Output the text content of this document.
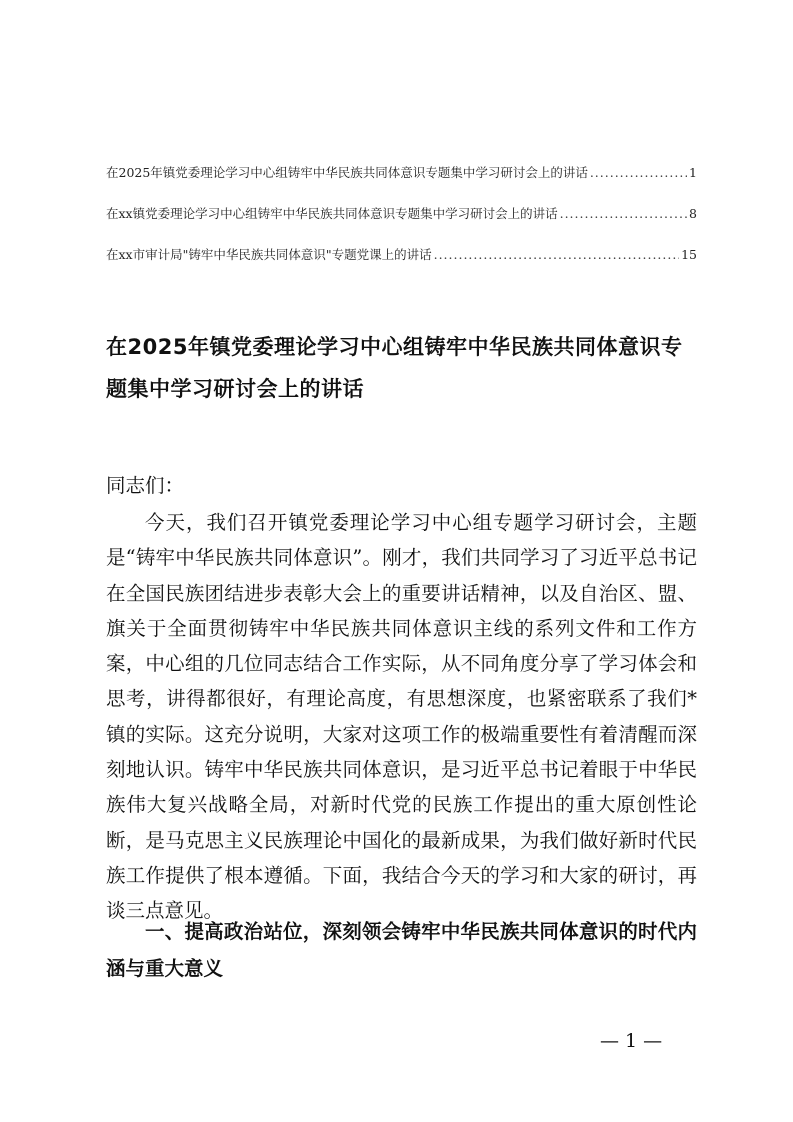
在2025年镇党委理论学习中心组铸牢中华民族共同体意识专题集中学习研讨会上的讲话 .....	1
在xx镇党委理论学习中心组铸牢中华民族共同体意识专题集中学习研讨会上的讲话 .....	8
在xx市审计局"铸牢中华民族共同体意识"专题党课上的讲话 .....	15
在2025年镇党委理论学习中心组铸牢中华民族共同体意识专题集中学习研讨会上的讲话
同志们：

今天，我们召开镇党委理论学习中心组专题学习研讨会，主题是“铸牢中华民族共同体意识”。刚才，我们共同学习了习近平总书记在全国民族团结进步表彰大会上的重要讲话精神，以及自治区、盟、旗关于全面贯彻铸牢中华民族共同体意识主线的系列文件和工作方案，中心组的几位同志结合工作实际，从不同角度分享了学习体会和思考，讲得都很好，有理论高度，有思想深度，也紧密联系了我们*镇的实际。这充分说明，大家对这项工作的极端重要性有着清醒而深刻地认识。铸牢中华民族共同体意识，是习近平总书记着眼于中华民族伟大复兴战略全局，对新时代党的民族工作提出的重大原创性论断，是马克思主义民族理论中国化的最新成果，为我们做好新时代民族工作提供了根本遵循。下面，我结合今天的学习和大家的研讨，再谈三点意见。

一、提高政治站位，深刻领会铸牢中华民族共同体意识的时代内涵与重大意义
— 1 —
